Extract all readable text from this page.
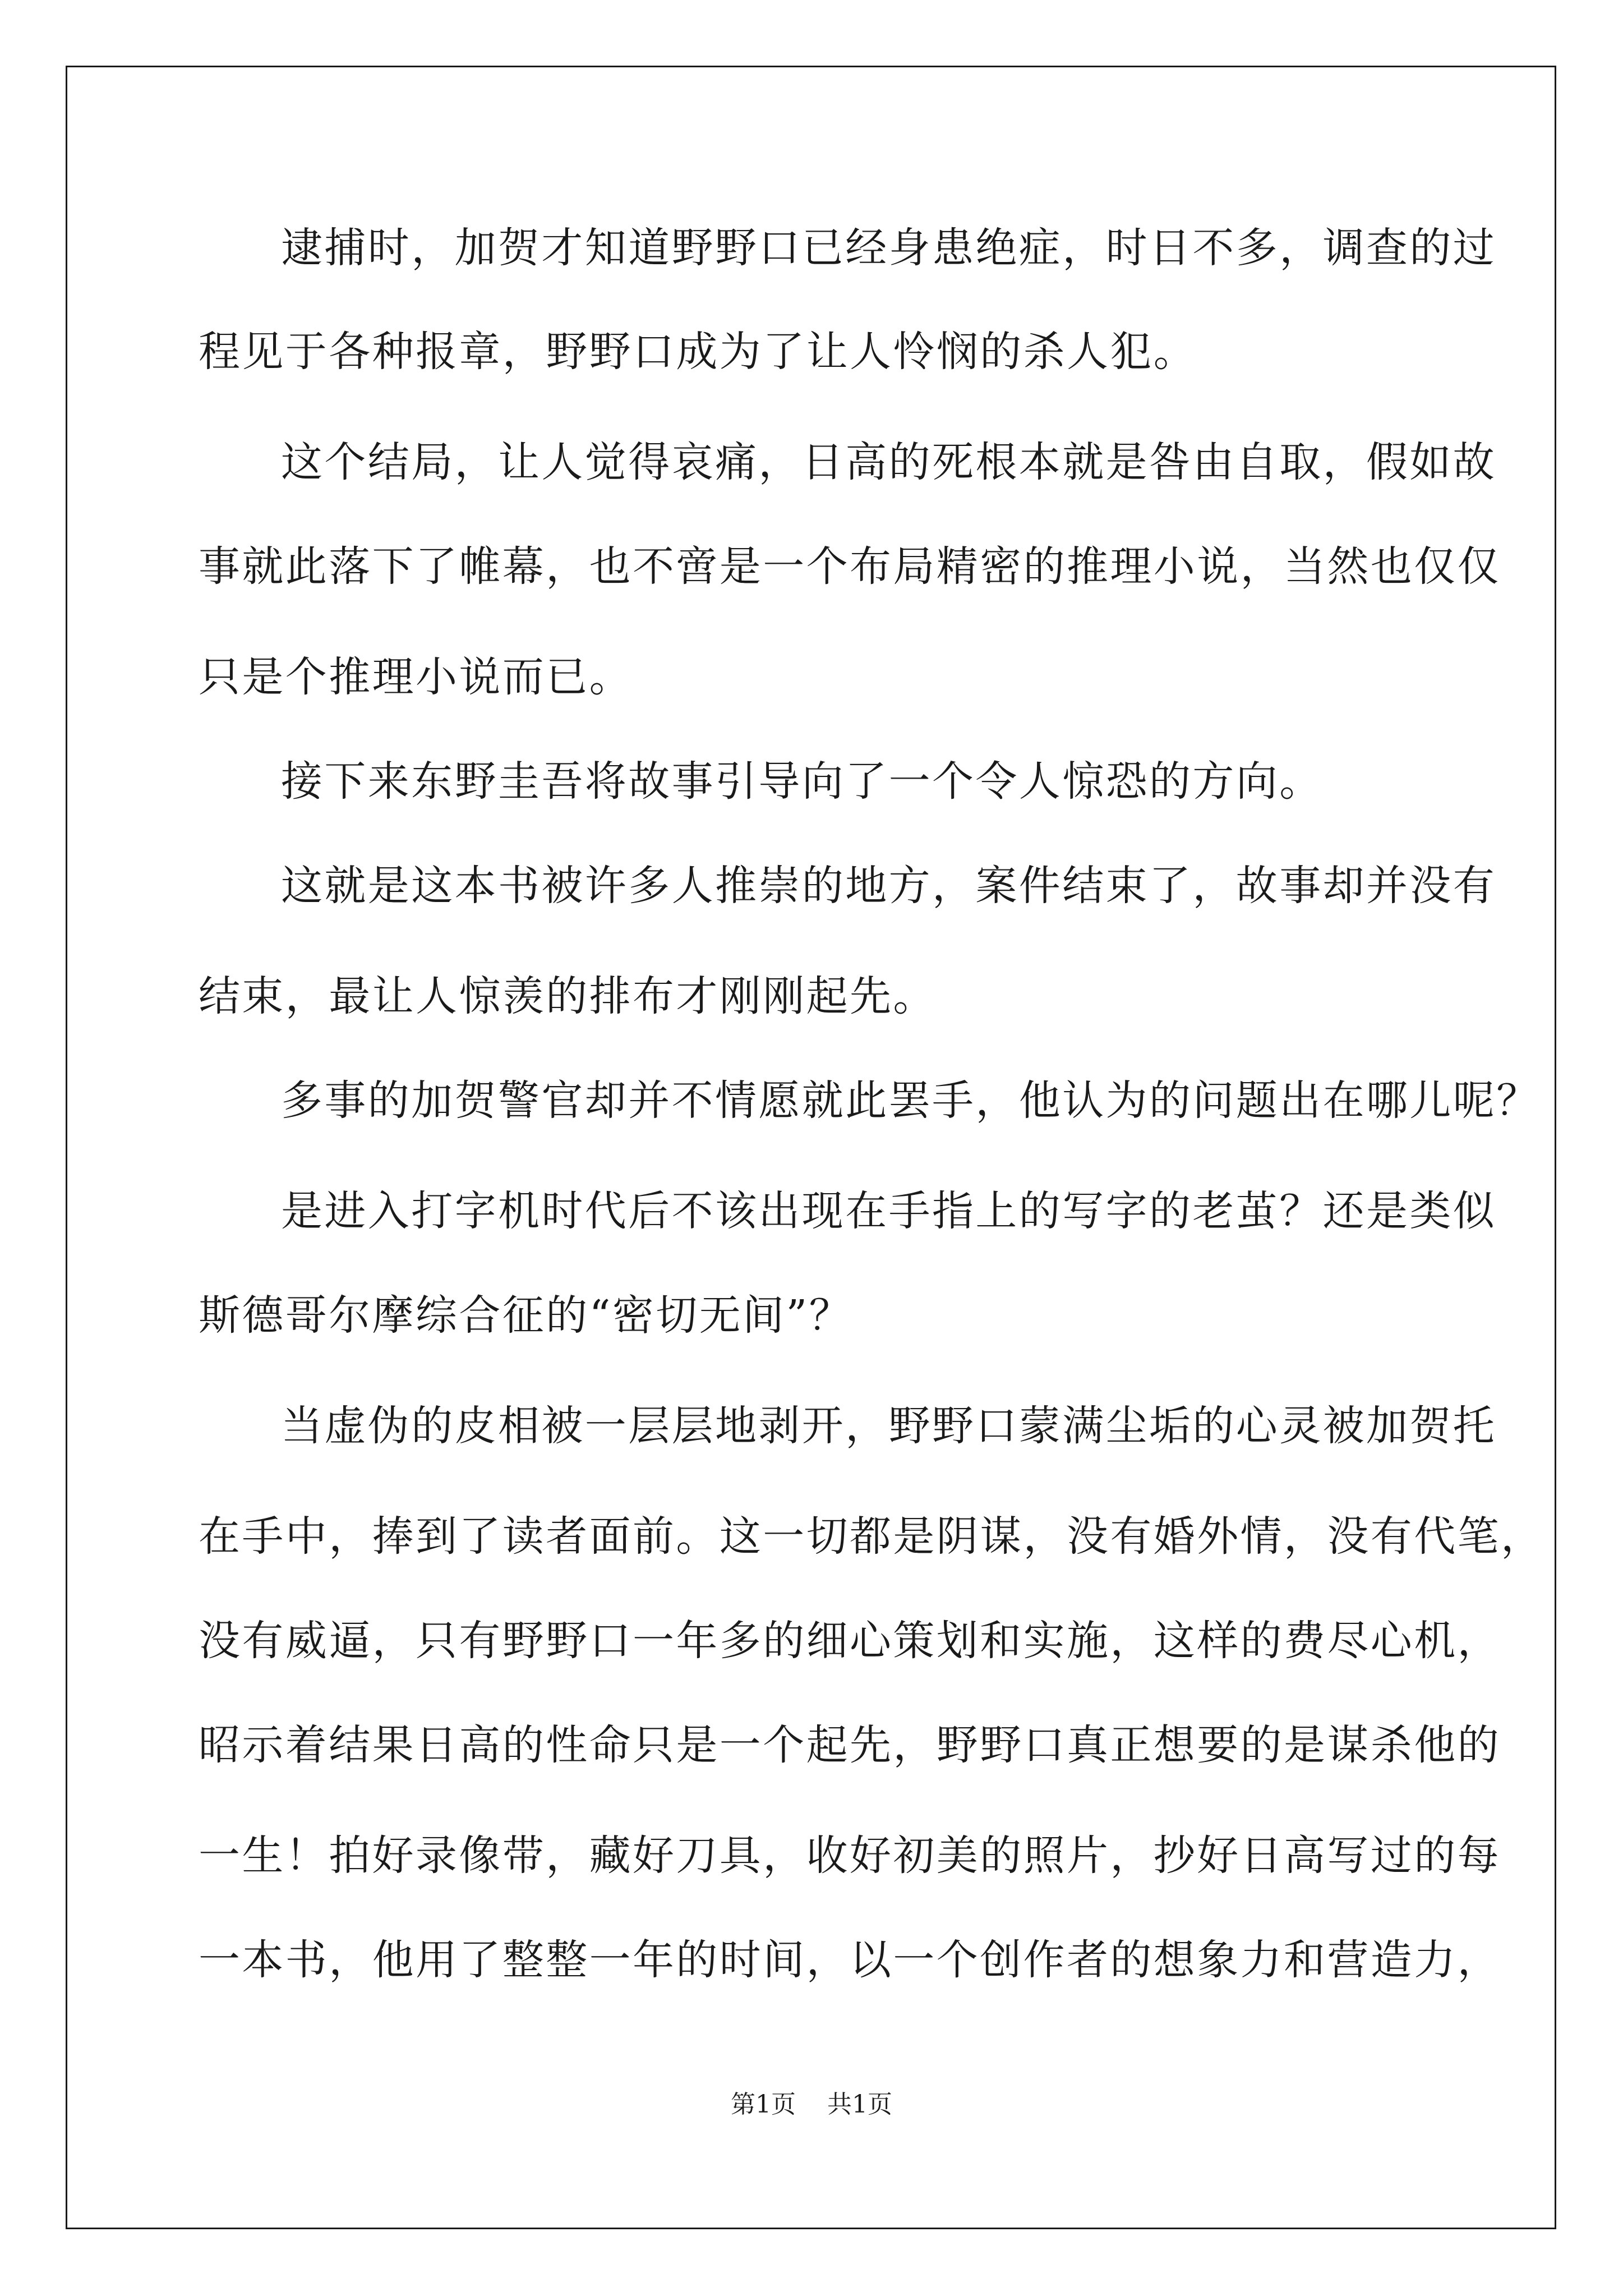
逮捕时，加贺才知道野野口已经身患绝症，时日不多，调查的过

程见于各种报章，野野口成为了让人怜悯的杀人犯。

这个结局，让人觉得哀痛，日高的死根本就是咎由自取，假如故

事就此落下了帷幕，也不啻是一个布局精密的推理小说，当然也仅仅

只是个推理小说而已。

接下来东野圭吾将故事引导向了一个令人惊恐的方向。

这就是这本书被许多人推崇的地方，案件结束了，故事却并没有

结束，最让人惊羡的排布才刚刚起先。

多事的加贺警官却并不情愿就此罢手，他认为的问题出在哪儿呢？

是进入打字机时代后不该出现在手指上的写字的老茧？还是类似

斯德哥尔摩综合征的“密切无间”？

当虚伪的皮相被一层层地剥开，野野口蒙满尘垢的心灵被加贺托

在手中，捧到了读者面前。这一切都是阴谋，没有婚外情，没有代笔，

没有威逼，只有野野口一年多的细心策划和实施，这样的费尽心机，

昭示着结果日高的性命只是一个起先，野野口真正想要的是谋杀他的

一生！拍好录像带，藏好刀具，收好初美的照片，抄好日高写过的每

一本书，他用了整整一年的时间，以一个创作者的想象力和营造力，

第1页 共1页
